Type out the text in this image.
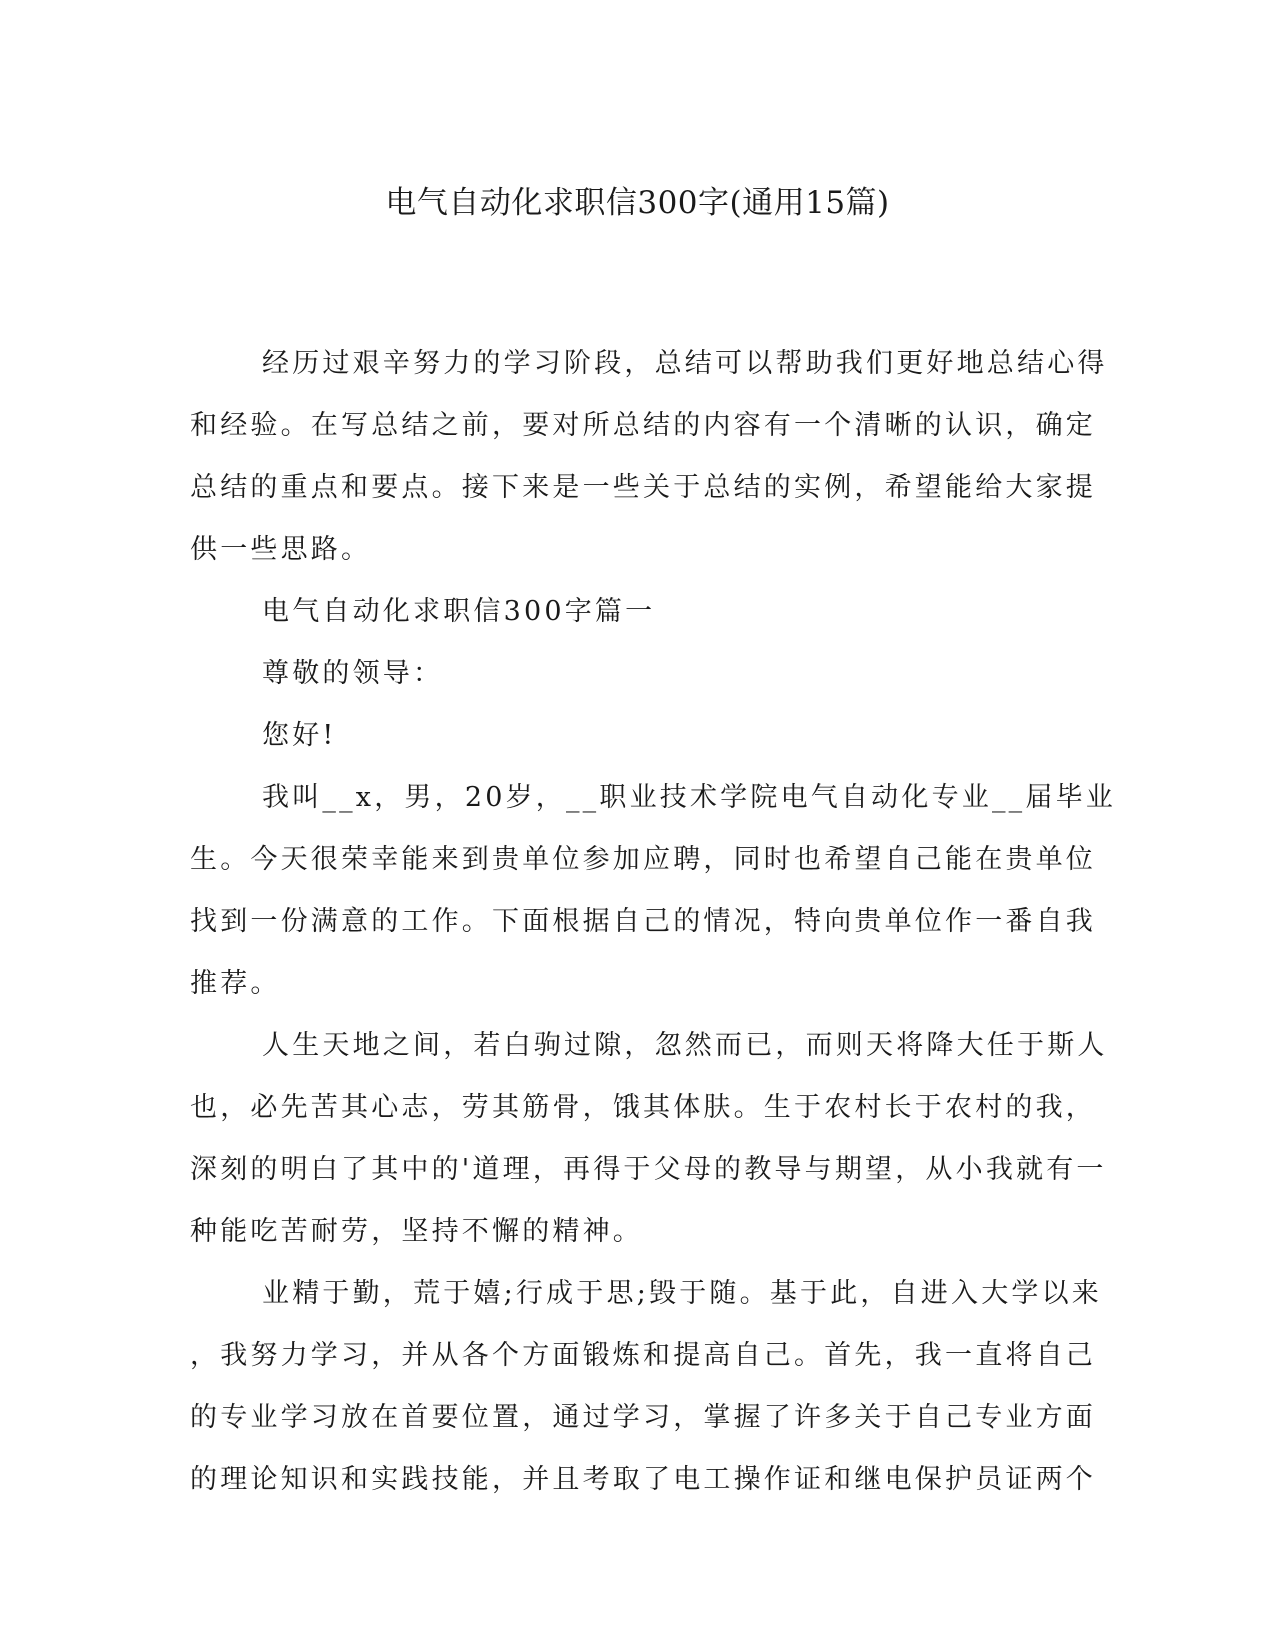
电气自动化求职信300字(通用15篇)

经历过艰辛努力的学习阶段，总结可以帮助我们更好地总结心得
和经验。在写总结之前，要对所总结的内容有一个清晰的认识，确定
总结的重点和要点。接下来是一些关于总结的实例，希望能给大家提
供一些思路。

电气自动化求职信300字篇一

尊敬的领导：

您好!

我叫__x，男，20岁，__职业技术学院电气自动化专业__届毕业
生。今天很荣幸能来到贵单位参加应聘，同时也希望自己能在贵单位
找到一份满意的工作。下面根据自己的情况，特向贵单位作一番自我
推荐。

人生天地之间，若白驹过隙，忽然而已，而则天将降大任于斯人
也，必先苦其心志，劳其筋骨，饿其体肤。生于农村长于农村的我，
深刻的明白了其中的'道理，再得于父母的教导与期望，从小我就有一
种能吃苦耐劳，坚持不懈的精神。

业精于勤，荒于嬉;行成于思;毁于随。基于此，自进入大学以来
，我努力学习，并从各个方面锻炼和提高自己。首先，我一直将自己
的专业学习放在首要位置，通过学习，掌握了许多关于自己专业方面
的理论知识和实践技能，并且考取了电工操作证和继电保护员证两个
